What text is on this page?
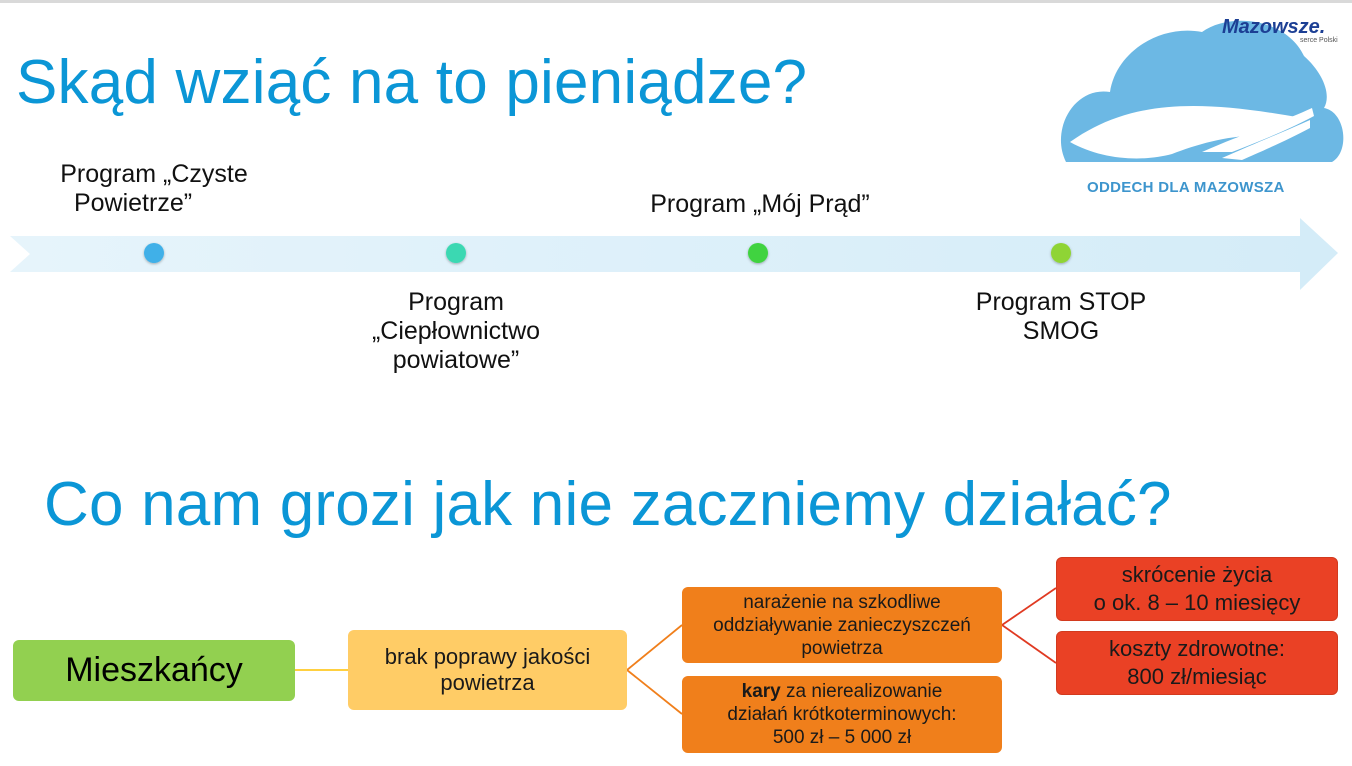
Skąd wziąć na to pieniądze?
Mazowsze.
serce Polski
ODDECH DLA MAZOWSZA
Program „Czyste
Powietrze”
Program
„Ciepłownictwo
powiatowe”
Program „Mój Prąd”
Program STOP
SMOG
Co nam grozi jak nie zaczniemy działać?
Mieszkańcy	brak poprawy jakości
powietrza
narażenie na szkodliwe
oddziaływanie zanieczyszczeń
powietrza
kary za nierealizowanie
działań krótkoterminowych:
500 zł – 5 000 zł
skrócenie życia
o ok. 8 – 10 miesięcy
koszty zdrowotne:
800 zł/miesiąc
